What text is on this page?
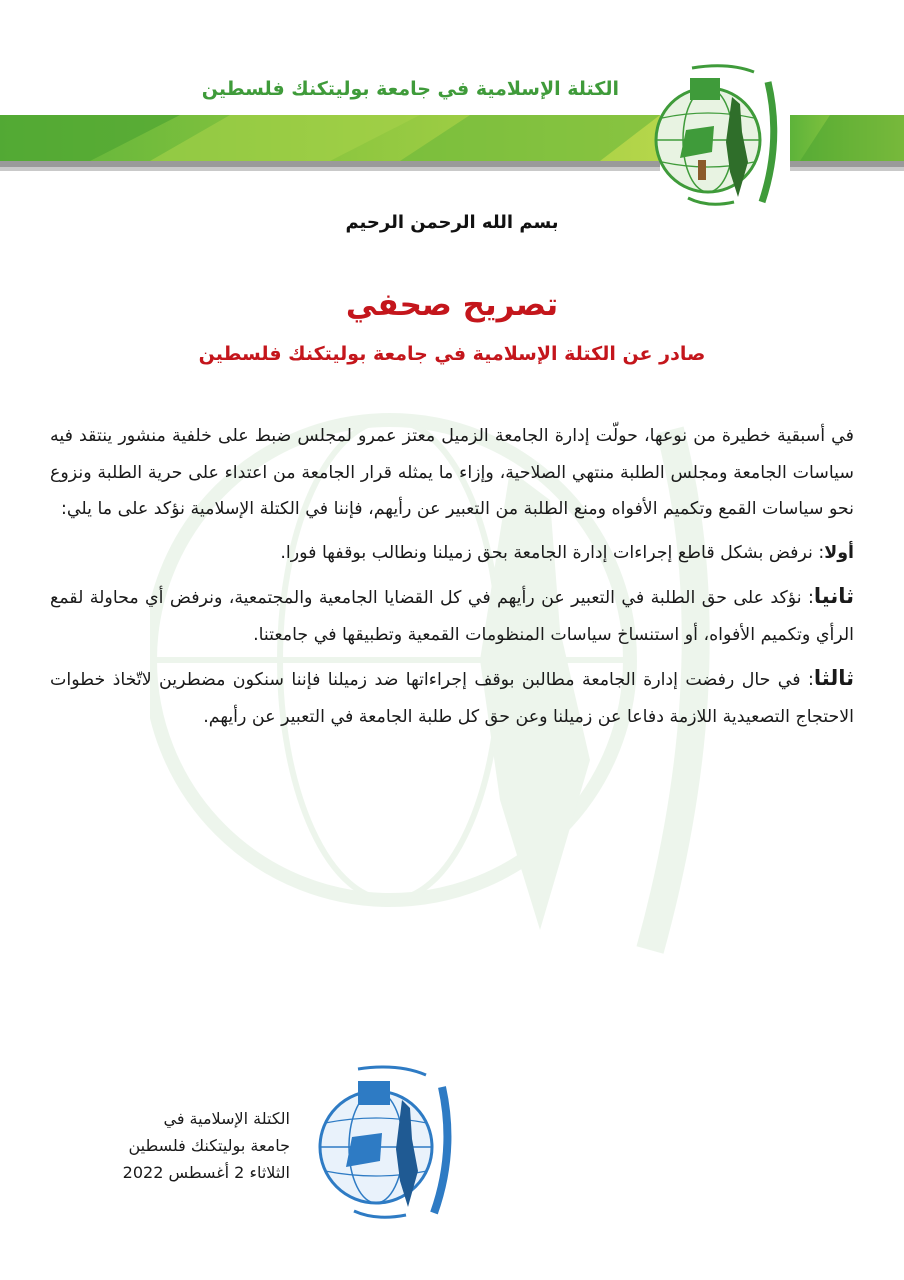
الكتلة الإسلامية في جامعة بوليتكنك فلسطين
بسم الله الرحمن الرحيم
تصريح صحفي
صادر عن الكتلة الإسلامية في جامعة بوليتكنك فلسطين

في أسبقية خطيرة من نوعها، حولّت إدارة الجامعة الزميل معتز عمرو لمجلس ضبط على خلفية منشور ينتقد فيه سياسات الجامعة ومجلس الطلبة منتهي الصلاحية، وإزاء ما يمثله قرار الجامعة من اعتداء على حرية الطلبة ونزوع نحو سياسات القمع وتكميم الأفواه ومنع الطلبة من التعبير عن رأيهم، فإننا في الكتلة الإسلامية نؤكد على ما يلي:

أولا: نرفض بشكل قاطع إجراءات إدارة الجامعة بحق زميلنا ونطالب بوقفها فورا.

ثانيا: نؤكد على حق الطلبة في التعبير عن رأيهم في كل القضايا الجامعية والمجتمعية، ونرفض أي محاولة لقمع الرأي وتكميم الأفواه، أو استنساخ سياسات المنظومات القمعية وتطبيقها في جامعتنا.

ثالثا: في حال رفضت إدارة الجامعة مطالبن بوقف إجراءاتها ضد زميلنا فإننا سنكون مضطرين لاتّخاذ خطوات الاحتجاج التصعيدية اللازمة دفاعا عن زميلنا وعن حق كل طلبة الجامعة في التعبير عن رأيهم.

الكتلة الإسلامية في
جامعة بوليتكنك فلسطين
الثلاثاء 2 أغسطس 2022
